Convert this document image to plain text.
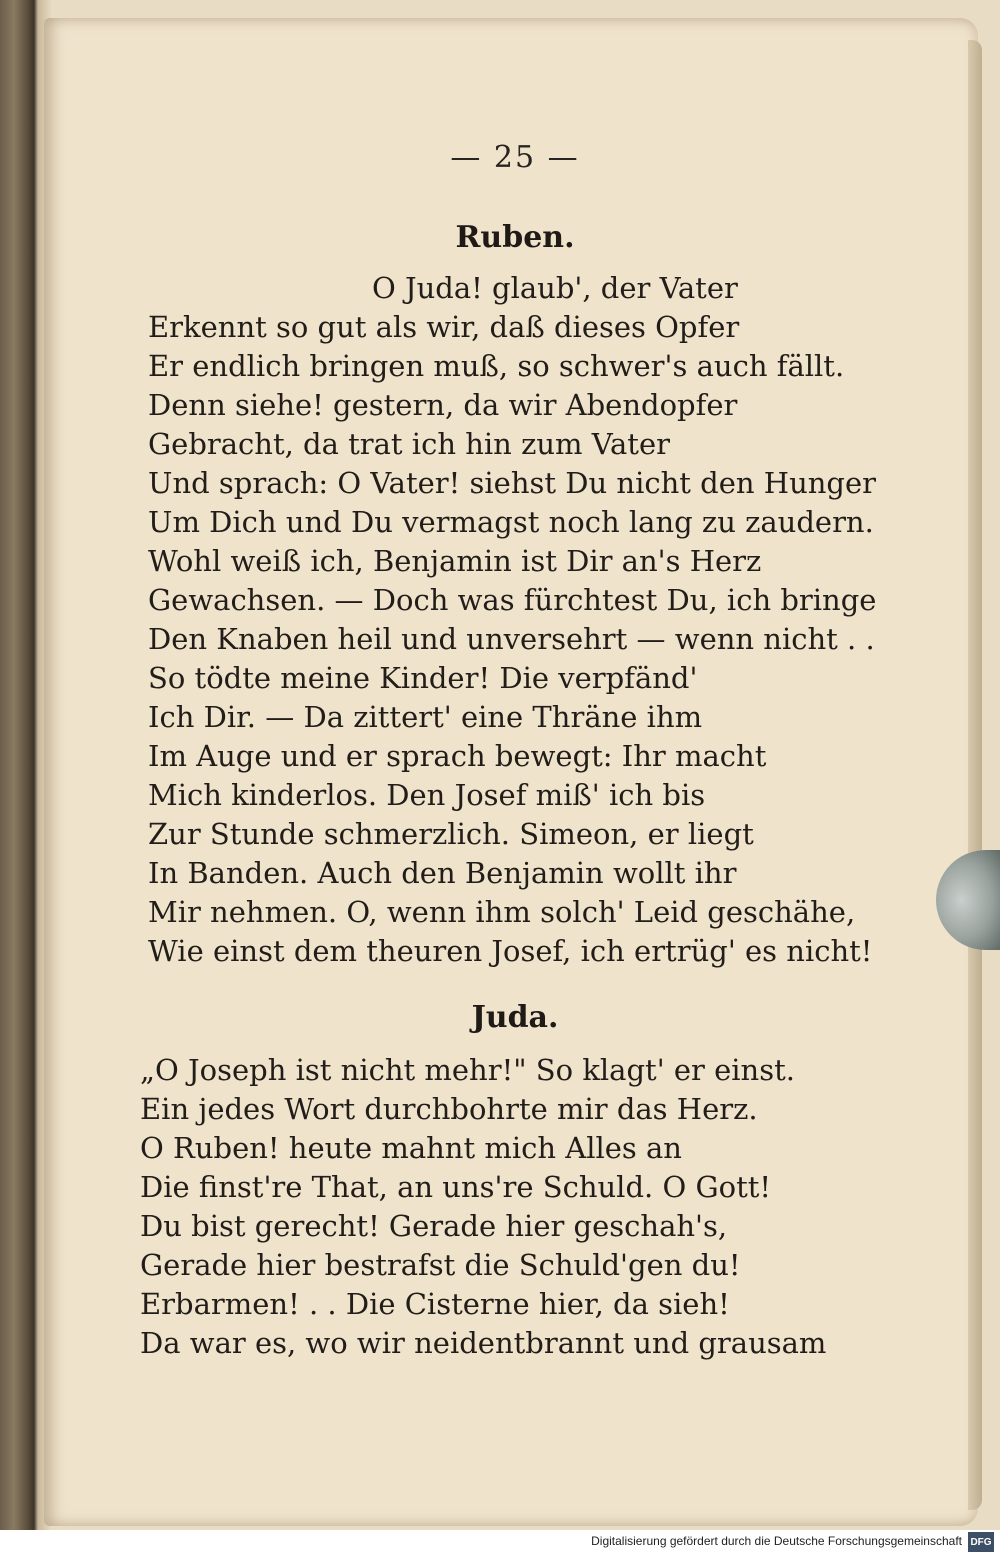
— 25 —
Ruben.
O Juda! glaub', der Vater
Erkennt so gut als wir, daß dieses Opfer
Er endlich bringen muß, so schwer's auch fällt.
Denn siehe! gestern, da wir Abendopfer
Gebracht, da trat ich hin zum Vater
Und sprach: O Vater! siehst Du nicht den Hunger
Um Dich und Du vermagst noch lang zu zaudern.
Wohl weiß ich, Benjamin ist Dir an's Herz
Gewachsen. — Doch was fürchtest Du, ich bringe
Den Knaben heil und unversehrt — wenn nicht . .
So tödte meine Kinder! Die verpfänd'
Ich Dir. — Da zittert' eine Thräne ihm
Im Auge und er sprach bewegt: Ihr macht
Mich kinderlos. Den Josef miß' ich bis
Zur Stunde schmerzlich. Simeon, er liegt
In Banden. Auch den Benjamin wollt ihr
Mir nehmen. O, wenn ihm solch' Leid geschähe,
Wie einst dem theuren Josef, ich ertrüg' es nicht!
Juda.
„O Joseph ist nicht mehr!" So klagt' er einst.
Ein jedes Wort durchbohrte mir das Herz.
O Ruben! heute mahnt mich Alles an
Die finst're That, an uns're Schuld. O Gott!
Du bist gerecht! Gerade hier geschah's,
Gerade hier bestrafst die Schuld'gen du!
Erbarmen! . . Die Cisterne hier, da sieh!
Da war es, wo wir neidentbrannt und grausam
Digitalisierung gefördert durch die Deutsche Forschungsgemeinschaft DFG
